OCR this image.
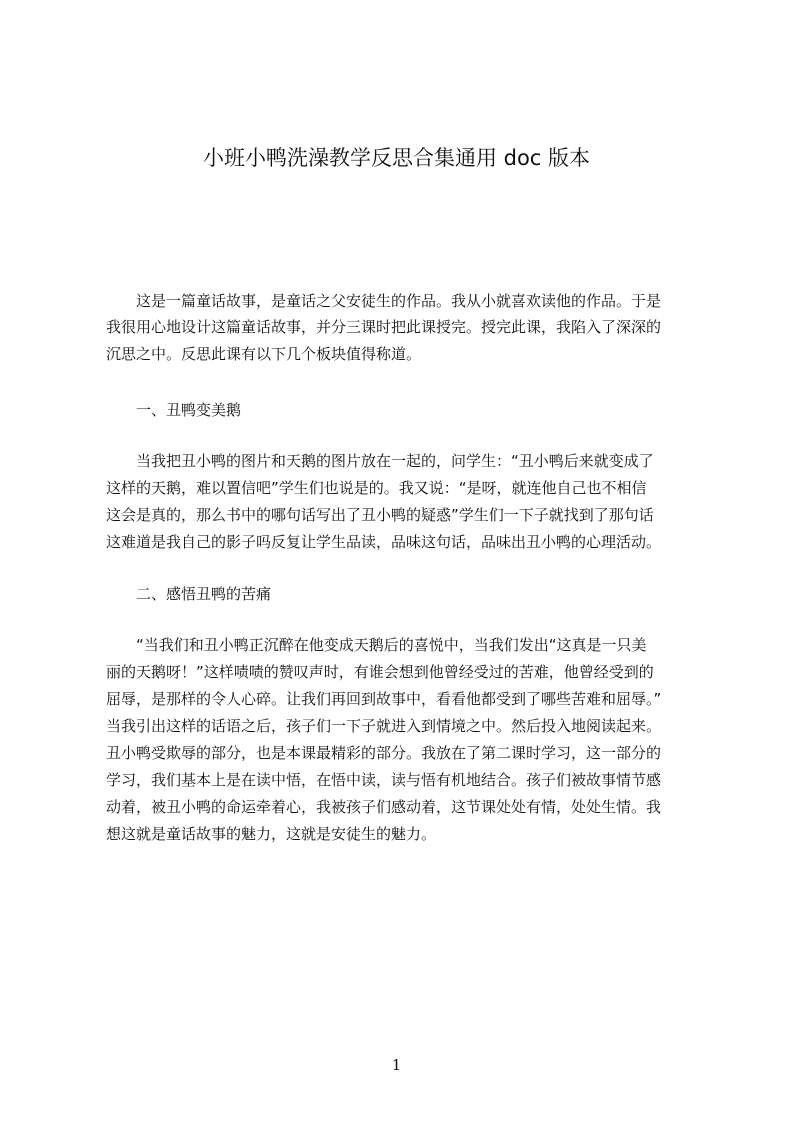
小班小鸭洗澡教学反思合集通用 doc 版本
这是一篇童话故事，是童话之父安徒生的作品。我从小就喜欢读他的作品。于是
我很用心地设计这篇童话故事，并分三课时把此课授完。授完此课，我陷入了深深的
沉思之中。反思此课有以下几个板块值得称道。
一、丑鸭变美鹅
当我把丑小鸭的图片和天鹅的图片放在一起的，问学生：“丑小鸭后来就变成了
这样的天鹅，难以置信吧”学生们也说是的。我又说：“是呀，就连他自己也不相信
这会是真的，那么书中的哪句话写出了丑小鸭的疑惑”学生们一下子就找到了那句话
这难道是我自己的影子吗反复让学生品读，品味这句话，品味出丑小鸭的心理活动。
二、感悟丑鸭的苦痛
“当我们和丑小鸭正沉醉在他变成天鹅后的喜悦中，当我们发出“这真是一只美
丽的天鹅呀！”这样啧啧的赞叹声时，有谁会想到他曾经受过的苦难，他曾经受到的
屈辱，是那样的令人心碎。让我们再回到故事中，看看他都受到了哪些苦难和屈辱。”
当我引出这样的话语之后，孩子们一下子就进入到情境之中。然后投入地阅读起来。
丑小鸭受欺辱的部分，也是本课最精彩的部分。我放在了第二课时学习，这一部分的
学习，我们基本上是在读中悟，在悟中读，读与悟有机地结合。孩子们被故事情节感
动着，被丑小鸭的命运牵着心，我被孩子们感动着，这节课处处有情，处处生情。我
想这就是童话故事的魅力，这就是安徒生的魅力。
1
